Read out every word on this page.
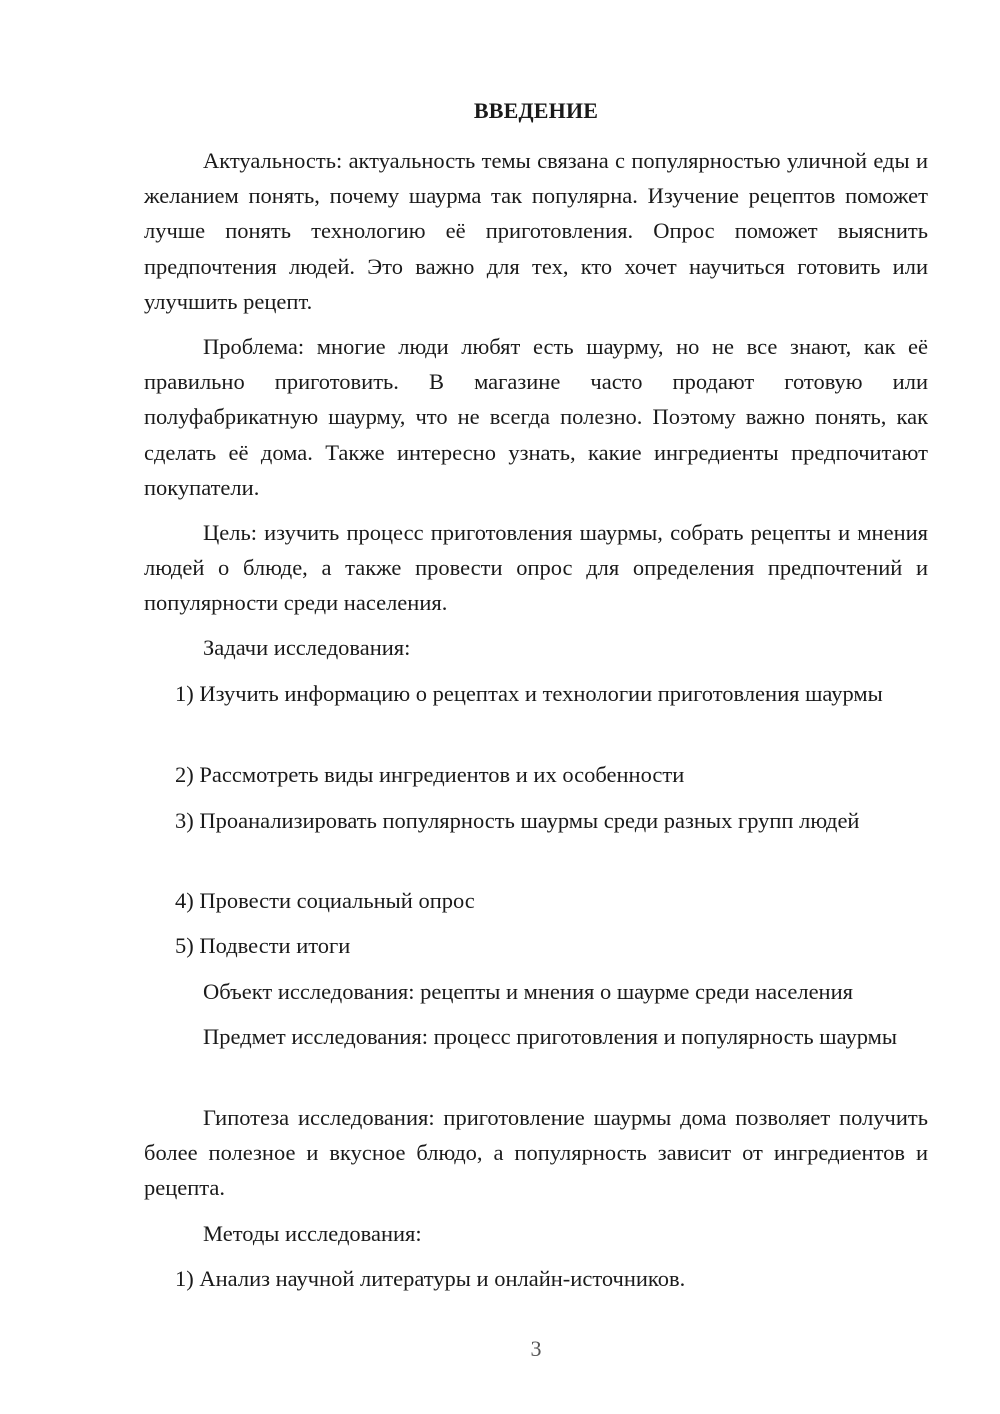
ВВЕДЕНИЕ

Актуальность: актуальность темы связана с популярностью уличной еды и желанием понять, почему шаурма так популярна. Изучение рецептов поможет лучше понять технологию её приготовления. Опрос поможет выяснить предпочтения людей. Это важно для тех, кто хочет научиться готовить или улучшить рецепт.

Проблема: многие люди любят есть шаурму, но не все знают, как её правильно приготовить. В магазине часто продают готовую или полуфабрикатную шаурму, что не всегда полезно. Поэтому важно понять, как сделать её дома. Также интересно узнать, какие ингредиенты предпочитают покупатели.

Цель: изучить процесс приготовления шаурмы, собрать рецепты и мнения людей о блюде, а также провести опрос для определения предпочтений и популярности среди населения.

Задачи исследования:

1) Изучить информацию о рецептах и технологии приготовления шаурмы

2) Рассмотреть виды ингредиентов и их особенности

3) Проанализировать популярность шаурмы среди разных групп людей

4) Провести социальный опрос

5) Подвести итоги

Объект исследования: рецепты и мнения о шаурме среди населения

Предмет исследования: процесс приготовления и популярность шаурмы

Гипотеза исследования: приготовление шаурмы дома позволяет получить более полезное и вкусное блюдо, а популярность зависит от ингредиентов и рецепта.

Методы исследования:

1) Анализ научной литературы и онлайн-источников.

3
